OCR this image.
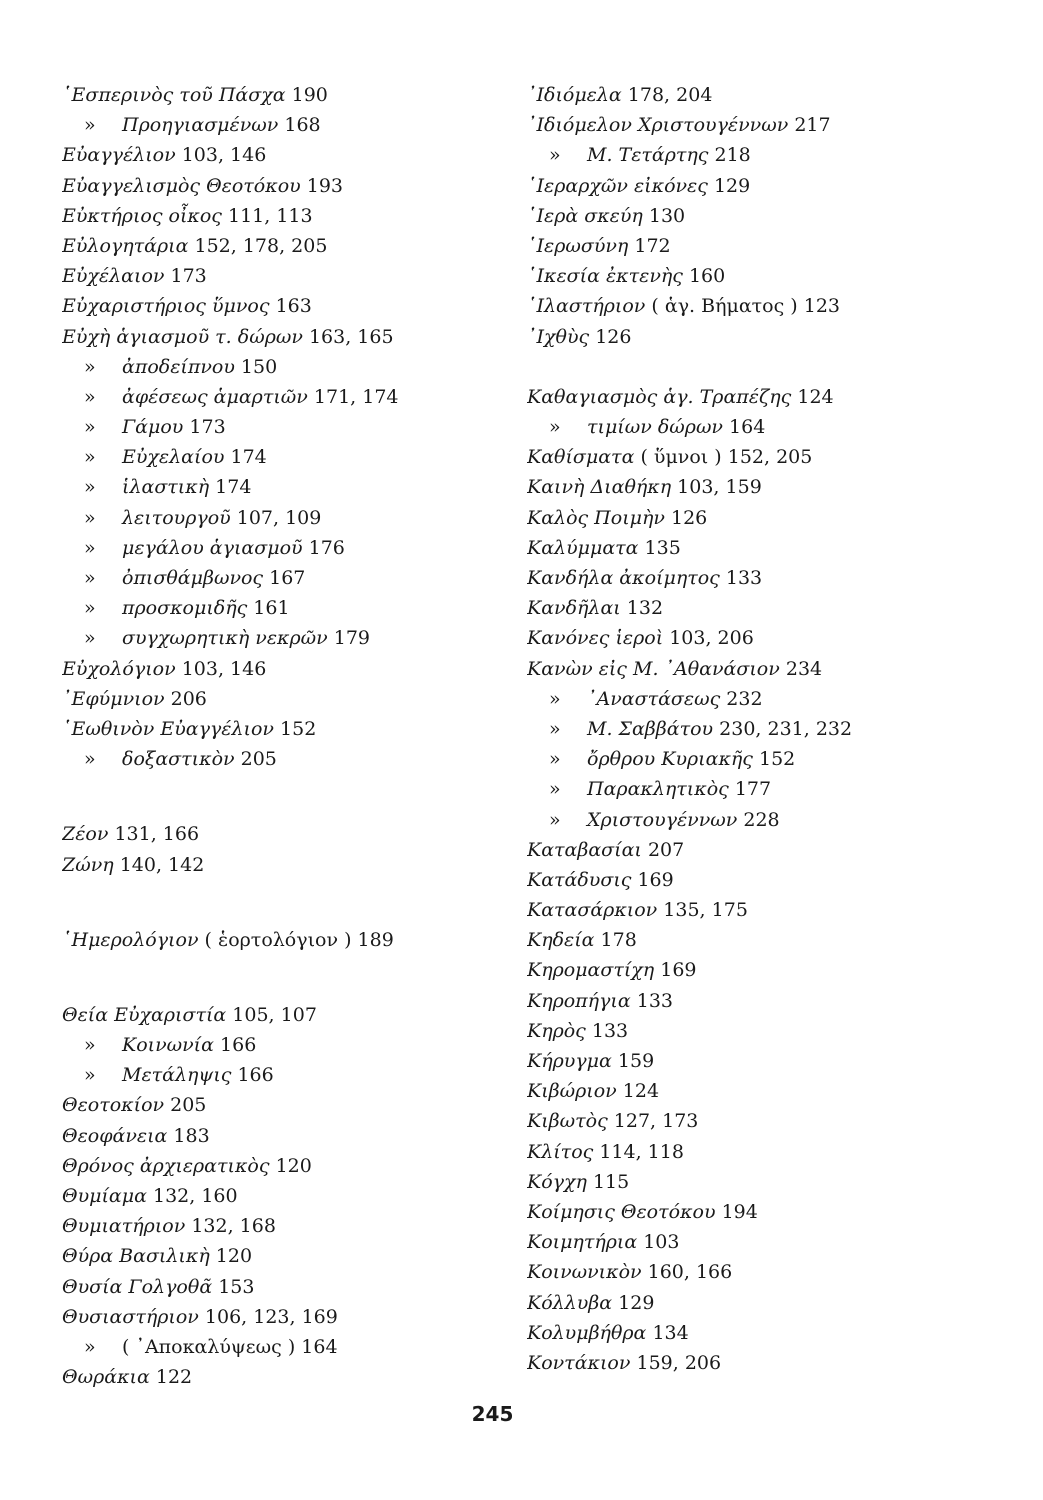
῾Εσπερινὸς τοῦ Πάσχα 190
» Προηγιασμένων 168
Εὐαγγέλιον 103, 146
Εὐαγγελισμὸς Θεοτόκου 193
Εὐκτήριος οἶκος 111, 113
Εὐλογητάρια 152, 178, 205
Εὐχέλαιον 173
Εὐχαριστήριος ὕμνος 163
Εὐχὴ ἁγιασμοῦ τ. δώρων 163, 165
» ἀποδείπνου 150
» ἀφέσεως ἁμαρτιῶν 171, 174
» Γάμου 173
» Εὐχελαίου 174
» ἱλαστικὴ 174
» λειτουργοῦ 107, 109
» μεγάλου ἁγιασμοῦ 176
» ὀπισθάμβωνος 167
» προσκομιδῆς 161
» συγχωρητικὴ νεκρῶν 179
Εὐχολόγιον 103, 146
᾿Εφύμνιον 206
῾Εωθινὸν Εὐαγγέλιον 152
» δοξαστικὸν 205
Ζέον 131, 166
Ζώνη 140, 142
῾Ημερολόγιον ( ἑορτολόγιον ) 189
Θεία Εὐχαριστία 105, 107
» Κοινωνία 166
» Μετάληψις 166
Θεοτοκίον 205
Θεοφάνεια 183
Θρόνος ἀρχιερατικὸς 120
Θυμίαμα 132, 160
Θυμιατήριον 132, 168
Θύρα Βασιλικὴ 120
Θυσία Γολγοθᾶ 153
Θυσιαστήριον 106, 123, 169
» ( ᾿Αποκαλύψεως ) 164
Θωράκια 122
᾿Ιδιόμελα 178, 204
᾿Ιδιόμελον Χριστουγέννων 217
» Μ. Τετάρτης 218
῾Ιεραρχῶν εἰκόνες 129
῾Ιερὰ σκεύη 130
῾Ιερωσύνη 172
῾Ικεσία ἐκτενὴς 160
῾Ιλαστήριον ( ἁγ. Βήματος ) 123
᾿Ιχθὺς 126
Καθαγιασμὸς ἁγ. Τραπέζης 124
» τιμίων δώρων 164
Καθίσματα ( ὕμνοι ) 152, 205
Καινὴ Διαθήκη 103, 159
Καλὸς Ποιμὴν 126
Καλύμματα 135
Κανδήλα ἀκοίμητος 133
Κανδῆλαι 132
Κανόνες ἱεροὶ 103, 206
Κανὼν εἰς Μ. ᾿Αθανάσιον 234
» ᾿Αναστάσεως 232
» Μ. Σαββάτου 230, 231, 232
» ὄρθρου Κυριακῆς 152
» Παρακλητικὸς 177
» Χριστουγέννων 228
Καταβασίαι 207
Κατάδυσις 169
Κατασάρκιον 135, 175
Κηδεία 178
Κηρομαστίχη 169
Κηροπήγια 133
Κηρὸς 133
Κήρυγμα 159
Κιβώριον 124
Κιβωτὸς 127, 173
Κλίτος 114, 118
Κόγχη 115
Κοίμησις Θεοτόκου 194
Κοιμητήρια 103
Κοινωνικὸν 160, 166
Κόλλυβα 129
Κολυμβήθρα 134
Κοντάκιον 159, 206
245
